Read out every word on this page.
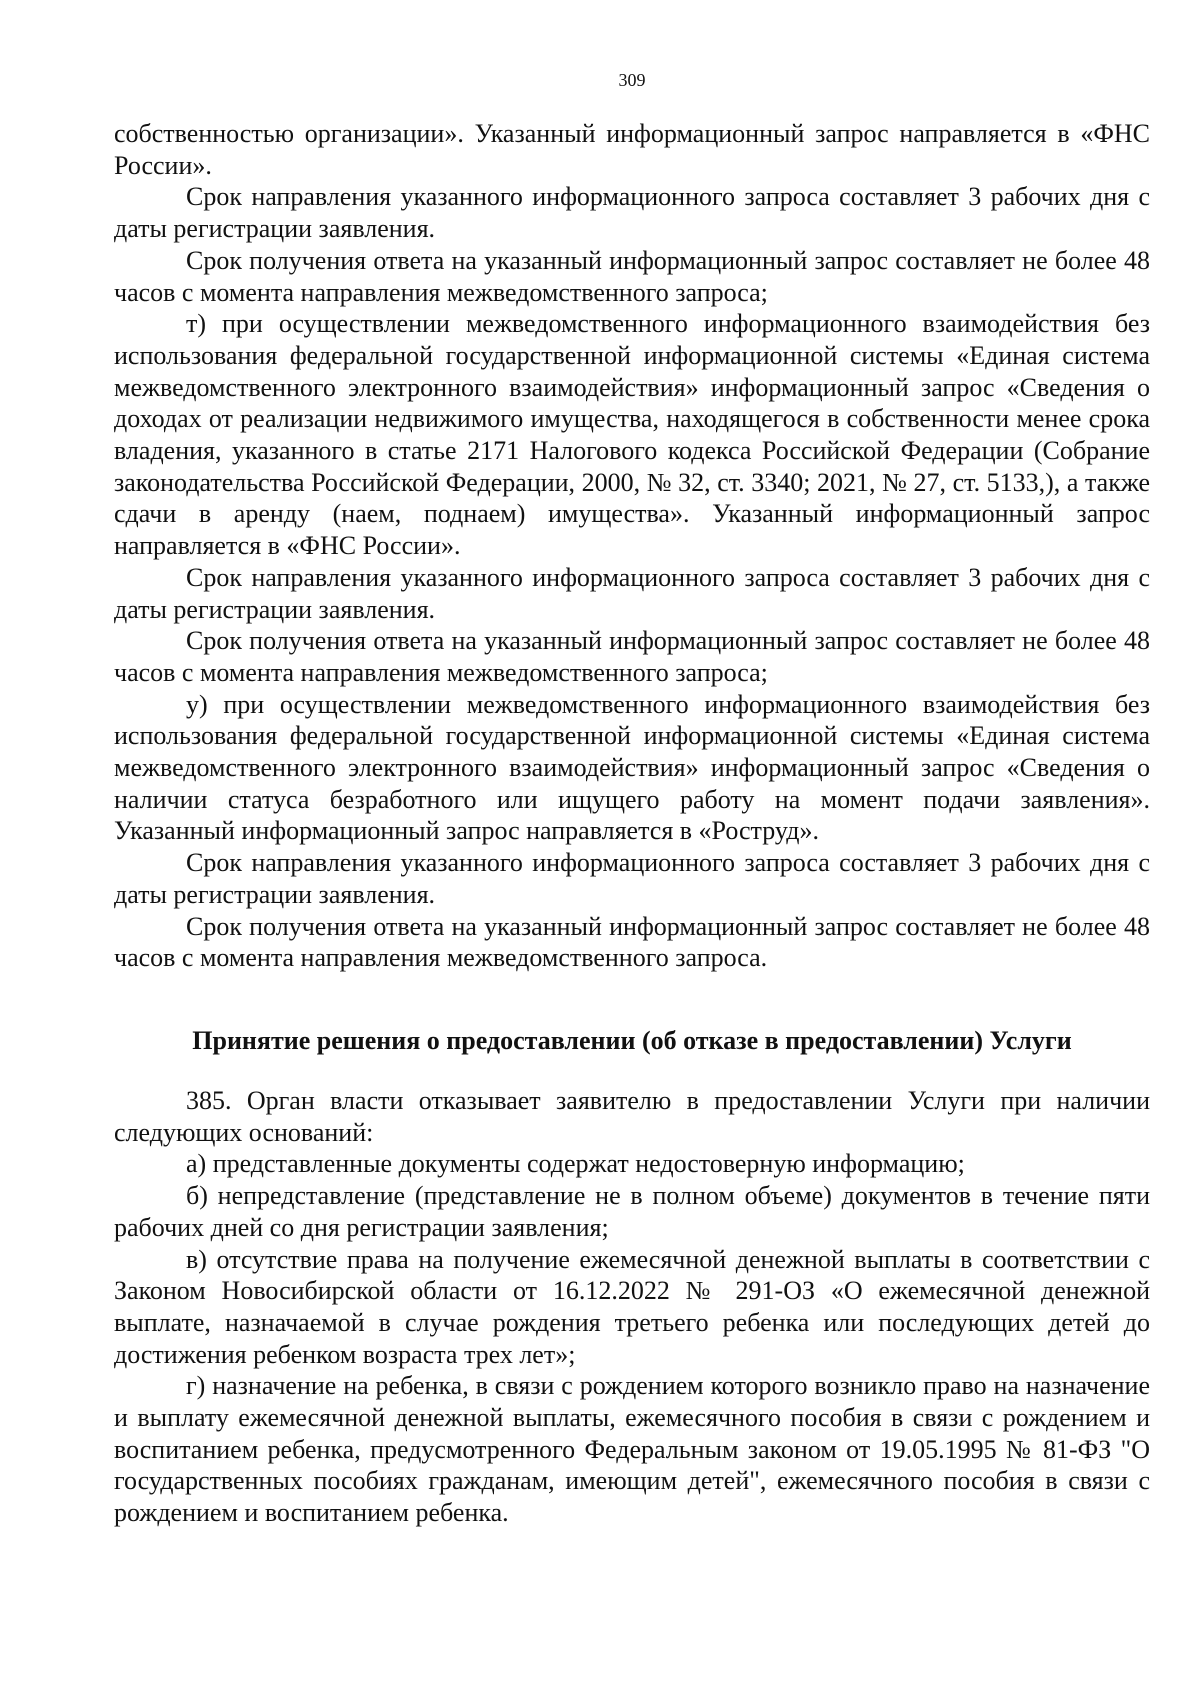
309

собственностью организации». Указанный информационный запрос направляется в «ФНС России».

Срок направления указанного информационного запроса составляет 3 рабочих дня с даты регистрации заявления.

Срок получения ответа на указанный информационный запрос составляет не более 48 часов с момента направления межведомственного запроса;

т) при осуществлении межведомственного информационного взаимодействия без использования федеральной государственной информационной системы «Единая система межведомственного электронного взаимодействия» информационный запрос «Сведения о доходах от реализации недвижимого имущества, находящегося в собственности менее срока владения, указанного в статье 2171 Налогового кодекса Российской Федерации (Собрание законодательства Российской Федерации, 2000, № 32, ст. 3340; 2021, № 27, ст. 5133,), а также сдачи в аренду (наем, поднаем) имущества». Указанный информационный запрос направляется в «ФНС России».

Срок направления указанного информационного запроса составляет 3 рабочих дня с даты регистрации заявления.

Срок получения ответа на указанный информационный запрос составляет не более 48 часов с момента направления межведомственного запроса;

у) при осуществлении межведомственного информационного взаимодействия без использования федеральной государственной информационной системы «Единая система межведомственного электронного взаимодействия» информационный запрос «Сведения о наличии статуса безработного или ищущего работу на момент подачи заявления». Указанный информационный запрос направляется в «Роструд».

Срок направления указанного информационного запроса составляет 3 рабочих дня с даты регистрации заявления.

Срок получения ответа на указанный информационный запрос составляет не более 48 часов с момента направления межведомственного запроса.

Принятие решения о предоставлении (об отказе в предоставлении) Услуги

385. Орган власти отказывает заявителю в предоставлении Услуги при наличии следующих оснований:

а) представленные документы содержат недостоверную информацию;

б) непредставление (представление не в полном объеме) документов в течение пяти рабочих дней со дня регистрации заявления;

в) отсутствие права на получение ежемесячной денежной выплаты в соответствии с Законом Новосибирской области от 16.12.2022 № 291-ОЗ «О ежемесячной денежной выплате, назначаемой в случае рождения третьего ребенка или последующих детей до достижения ребенком возраста трех лет»;

г) назначение на ребенка, в связи с рождением которого возникло право на назначение и выплату ежемесячной денежной выплаты, ежемесячного пособия в связи с рождением и воспитанием ребенка, предусмотренного Федеральным законом от 19.05.1995 № 81-ФЗ "О государственных пособиях гражданам, имеющим детей", ежемесячного пособия в связи с рождением и воспитанием ребенка.
